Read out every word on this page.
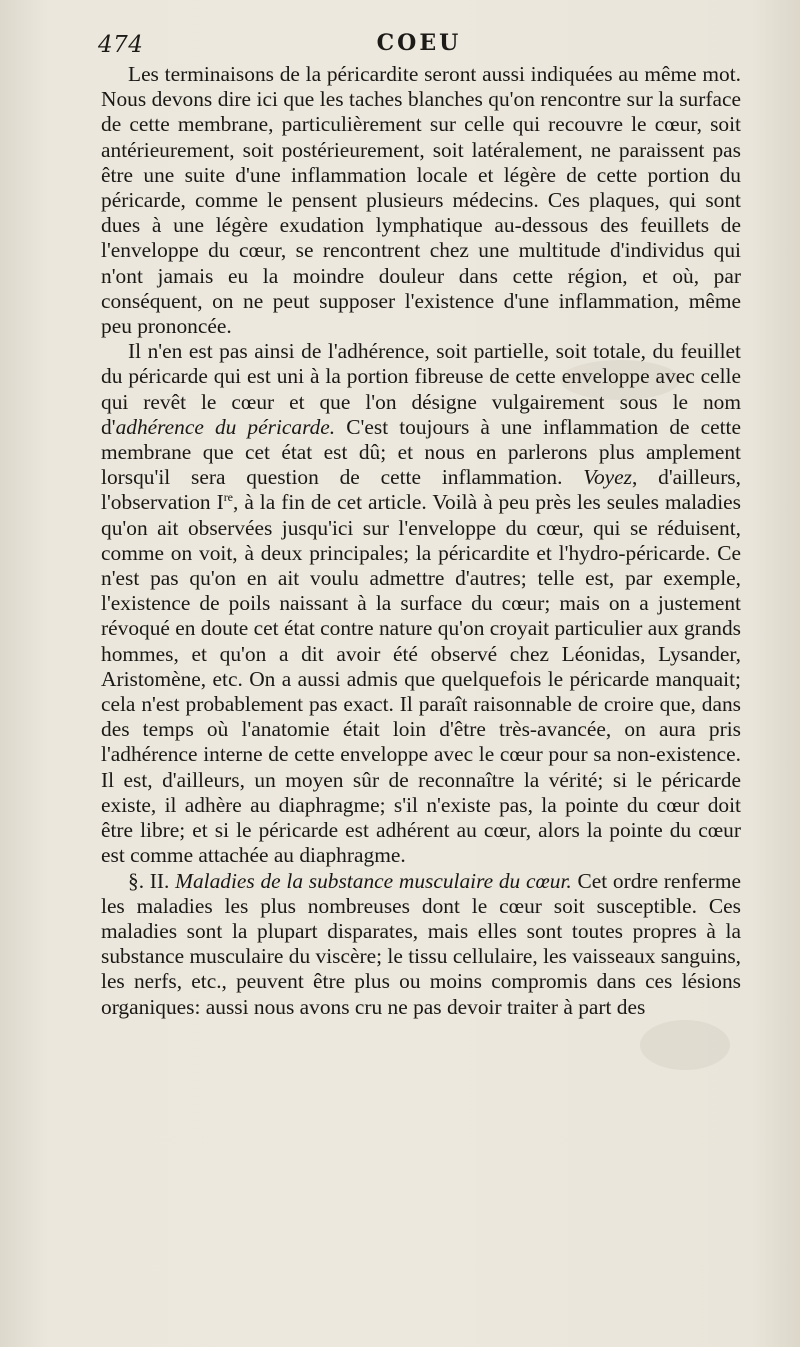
474	COEU

Les terminaisons de la péricardite seront aussi indiquées au même mot. Nous devons dire ici que les taches blanches qu'on rencontre sur la surface de cette membrane, particulièrement sur celle qui recouvre le cœur, soit antérieurement, soit postérieurement, soit latéralement, ne paraissent pas être une suite d'une inflammation locale et légère de cette portion du péricarde, comme le pensent plusieurs médecins. Ces plaques, qui sont dues à une légère exudation lymphatique au-dessous des feuillets de l'enveloppe du cœur, se rencontrent chez une multitude d'individus qui n'ont jamais eu la moindre douleur dans cette région, et où, par conséquent, on ne peut supposer l'existence d'une inflammation, même peu prononcée.

Il n'en est pas ainsi de l'adhérence, soit partielle, soit totale, du feuillet du péricarde qui est uni à la portion fibreuse de cette enveloppe avec celle qui revêt le cœur et que l'on désigne vulgairement sous le nom d'adhérence du péricarde. C'est toujours à une inflammation de cette membrane que cet état est dû; et nous en parlerons plus amplement lorsqu'il sera question de cette inflammation. Voyez, d'ailleurs, l'observation Ire, à la fin de cet article. Voilà à peu près les seules maladies qu'on ait observées jusqu'ici sur l'enveloppe du cœur, qui se réduisent, comme on voit, à deux principales; la péricardite et l'hydro-péricarde. Ce n'est pas qu'on en ait voulu admettre d'autres; telle est, par exemple, l'existence de poils naissant à la surface du cœur; mais on a justement révoqué en doute cet état contre nature qu'on croyait particulier aux grands hommes, et qu'on a dit avoir été observé chez Léonidas, Lysander, Aristomène, etc. On a aussi admis que quelquefois le péricarde manquait; cela n'est probablement pas exact. Il paraît raisonnable de croire que, dans des temps où l'anatomie était loin d'être très-avancée, on aura pris l'adhérence interne de cette enveloppe avec le cœur pour sa non-existence. Il est, d'ailleurs, un moyen sûr de reconnaître la vérité; si le péricarde existe, il adhère au diaphragme; s'il n'existe pas, la pointe du cœur doit être libre; et si le péricarde est adhérent au cœur, alors la pointe du cœur est comme attachée au diaphragme.

§. II. Maladies de la substance musculaire du cœur. Cet ordre renferme les maladies les plus nombreuses dont le cœur soit susceptible. Ces maladies sont la plupart disparates, mais elles sont toutes propres à la substance musculaire du viscère; le tissu cellulaire, les vaisseaux sanguins, les nerfs, etc., peuvent être plus ou moins compromis dans ces lésions organiques: aussi nous avons cru ne pas devoir traiter à part des
